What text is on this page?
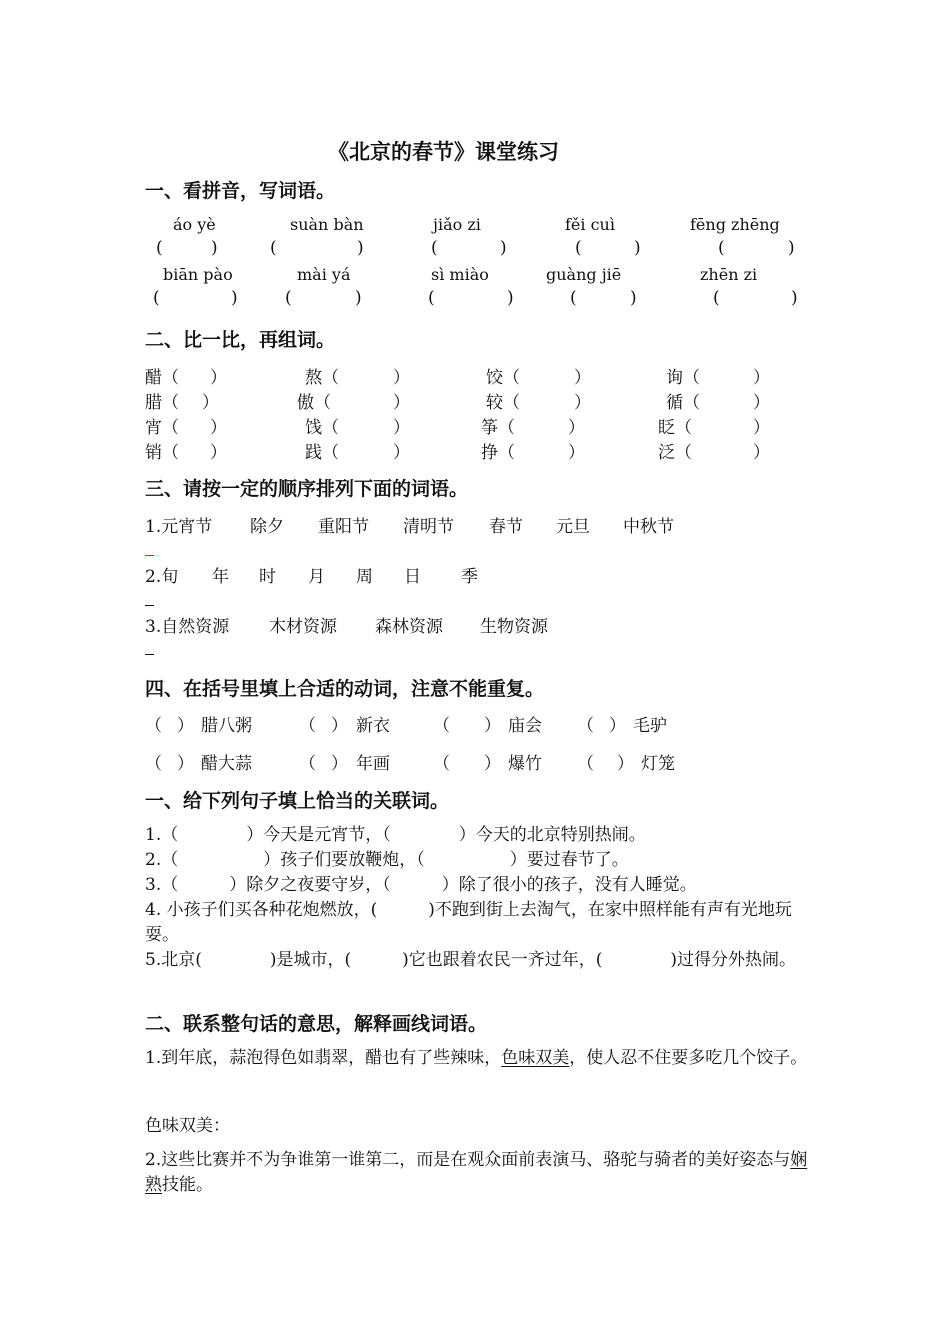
《北京的春节》课堂练习
一、看拼音，写词语。
áo yè	suàn bàn	jiǎo zi	fěi cuì	fēng zhēng
(	)	(	)	(	)	(	)	(	)
biān pào	mài yá	sì miào	guàng jiē	zhēn zi
(	)	(	)	(	)	(	)	(	)
二、比一比，再组词。
醋（ ）	熬（	）	饺（	）	询（	）
腊（ ）	傲（	）	较（	）	循（	）
宵（ ）	饯（	）	筝（	）	眨（	）
销（ ）	践（	）	挣（	）	泛（	）
三、请按一定的顺序排列下面的词语。
1.元宵节 除夕 重阳节 清明节 春节 元旦 中秋节
2.旬 年 时 月 周 日 季
3.自然资源 木材资源 森林资源 生物资源
四、在括号里填上合适的动词，注意不能重复。
（ ） 腊八粥	（ ） 新衣	（ ） 庙会 （ ） 毛驴
（ ） 醋大蒜	（ ） 年画	（ ） 爆竹 （ ） 灯笼
一、给下列句子填上恰当的关联词。
1.（　　　　）今天是元宵节，（　　　　）今天的北京特别热闹。
2.（　　　　　）孩子们要放鞭炮，（　　　　　）要过春节了。
3.（　　　）除夕之夜要守岁，（　　　）除了很小的孩子，没有人睡觉。
4. 小孩子们买各种花炮燃放，(　　　)不跑到街上去淘气，在家中照样能有声有光地玩耍。
5.北京(　　　　)是城市，(　　　)它也跟着农民一齐过年，(　　　　)过得分外热闹。
二、联系整句话的意思，解释画线词语。
1.到年底，蒜泡得色如翡翠，醋也有了些辣味，色味双美，使人忍不住要多吃几个饺子。
色味双美：
2.这些比赛并不为争谁第一谁第二，而是在观众面前表演马、骆驼与骑者的美好姿态与娴熟技能。
